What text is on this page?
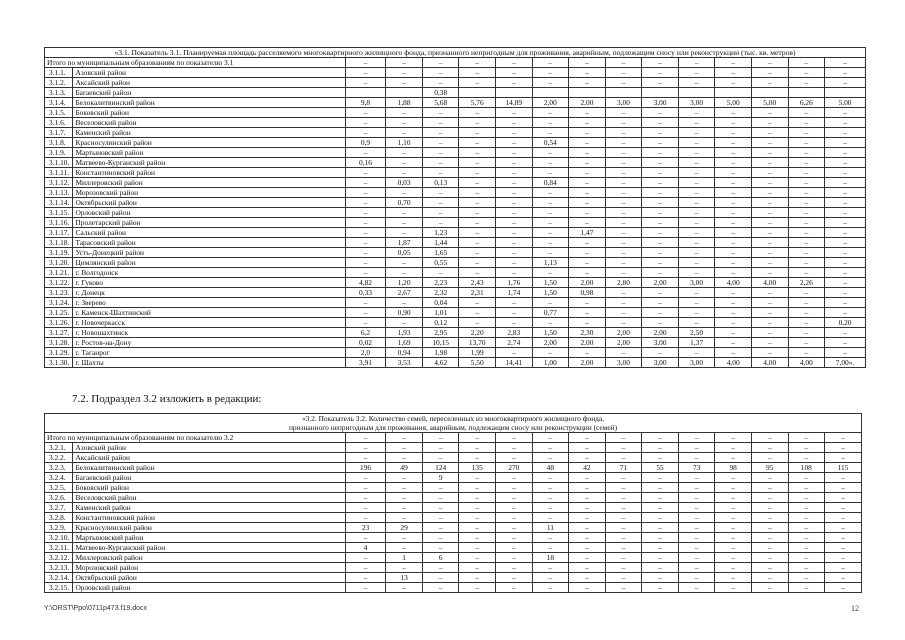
«3.1. Показатель 3.1. Планируемая площадь расселяемого многоквартирного жилищного фонда, признанного непригодным для проживания, аварийным, подлежащим сносу или реконструкции (тыс. кв. метров)															
Итого по муниципальным образованиям по показателю 3.1		–	–	–	–	–	–	–	–	–	–	–	–	–	–
3.1.1.	Азовский район	–	–	–	–	–	–	–	–	–	–	–	–	–	–
3.1.2.	Аксайский район	–	–	–	–	–	–	–	–	–	–	–	–	–	–
3.1.3.	Багаевский район			0,38											
3.1.4.	Белокалитвинский район	9,8	1,88	5,68	5,76	14,89	2,00	2,00	3,00	3,00	3,00	5,00	5,00	6,26	5,00
3.1.5.	Боковский район	–	–	–	–	–	–	–	–	–	–	–	–	–	–
3.1.6.	Веселовский район	–	–	–	–	–	–	–	–	–	–	–	–	–	–
3.1.7.	Каменский район	–	–	–	–	–	–	–	–	–	–	–	–	–	–
3.1.8.	Красносулинский район	0,9	1,10	–	–	–	0,54	–	–	–	–	–	–	–	–
3.1.9.	Мартыновский район	–	–	–	–	–	–	–	–	–	–	–	–	–	–
3.1.10.	Матвеево-Курганский район	0,16	–	–	–	–	–	–	–	–	–	–	–	–	–
3.1.11.	Константиновский район	–	–	–	–	–	–	–	–	–	–	–	–	–	–
3.1.12.	Миллеровский район	–	0,03	0,13	–	–	0,84	–	–	–	–	–	–	–	–
3.1.13.	Морозовский район	–	–	–	–	–	–	–	–	–	–	–	–	–	–
3.1.14.	Октябрьский район	–	0,70	–	–	–	–	–	–	–	–	–	–	–	–
3.1.15.	Орловский район	–	–	–	–	–	–	–	–	–	–	–	–	–	–
3.1.16.	Пролетарский район	–	–	–	–	–	–	–	–	–	–	–	–	–	–
3.1.17.	Сальский район	–	–	1,23	–	–	–	1,47	–	–	–	–	–	–	–
3.1.18.	Тарасовский район	–	1,87	1,44	–	–	–	–	–	–	–	–	–	–	–
3.1.19.	Усть-Донецкий район	–	0,05	1,65	–	–	–	–	–	–	–	–	–	–	–
3.1.20.	Цимлянский район	–	–	0,55	–	–	1,13	–	–	–	–	–	–	–	–
3.1.21.	г. Волгодонск	–	–	–	–	–	–	–	–	–	–	–	–	–	–
3.1.22.	г. Гуково	4,82	1,20	2,23	2,43	1,76	1,50	2,00	2,80	2,00	3,00	4,00	4,00	2,26	–
3.1.23.	г. Донецк	0,33	2,67	2,32	2,31	1,74	1,50	0,98	–	–	–	–	–	–	–
3.1.24.	г. Зверево	–	–	0,04	–	–	–	–	–	–	–	–	–	–	–
3.1.25.	г. Каменск-Шахтинский	–	0,90	1,01	–	–	0,77	–	–	–	–	–	–	–	–
3.1.26.	г. Новочеркасск	–	–	0,12	–	–	–	–	–	–	–	–	–	–	0,20
3.1.27.	г. Новошахтинск	6,2	1,93	2,95	2,20	2,83	1,50	2,30	2,00	2,00	2,50	–	–	–	–
3.1.28.	г. Ростов-на-Дону	0,02	1,69	10,15	13,70	2,74	2,00	2,00	2,00	3,00	1,37	–	–	–	–
3.1.29.	г. Таганрог	2,0	0,94	1,98	1,99	–	–	–	–	–	–	–	–	–	–
3.1.30.	г. Шахты	3,91	3,53	4,62	5,50	14,41	1,00	2,00	3,00	3,00	3,00	4,00	4,00	4,00	7,00».
7.2. Подраздел 3.2 изложить в редакции:
«3.2. Показатель 3.2. Количество семей, переселенных из многоквартирного жилищного фонда,
признанного непригодным для проживания, аварийным, подлежащим сносу или реконструкции (семей)															
Итого по муниципальным образованиям по показателю 3.2		–	–	–	–	–	–	–	–	–	–	–	–	–	–
3.2.1.	Азовский район	–	–	–	–	–	–	–	–	–	–	–	–	–	–
3.2.2.	Аксайский район	–	–	–	–	–	–	–	–	–	–	–	–	–	–
3.2.3.	Белокалитвинский район	196	49	124	135	270	48	42	71	55	73	98	95	108	115
3.2.4.	Багаевский район	–	–	9	–	–	–	–	–	–	–	–	–	–	–
3.2.5.	Боковский район	–	–	–	–	–	–	–	–	–	–	–	–	–	–
3.2.6.	Веселовский район	–	–	–	–	–	–	–	–	–	–	–	–	–	–
3.2.7.	Каменский район	–	–	–	–	–	–	–	–	–	–	–	–	–	–
3.2.8.	Константиновский район	–	–	–	–	–	–	–	–	–	–	–	–	–	–
3.2.9.	Красносулинский район	23	29	–	–	–	11	–	–	–	–	–	–	–	–
3.2.10.	Мартыновский район	–	–	–	–	–	–	–	–	–	–	–	–	–	–
3.2.11.	Матвеево-Курганский район	4	–	–	–	–	–	–	–	–	–	–	–	–	–
3.2.12.	Миллеровский район	–	1	6	–	–	18	–	–	–	–	–	–	–	–
3.2.13.	Морозовский район	–	–	–	–	–	–	–	–	–	–	–	–	–	–
3.2.14.	Октябрьский район	–	13	–	–	–	–	–	–	–	–	–	–	–	–
3.2.15.	Орловский район	–	–	–	–	–	–	–	–	–	–	–	–	–	–
Y:\ORST\Ppo\0711p473.f19.docx	12
